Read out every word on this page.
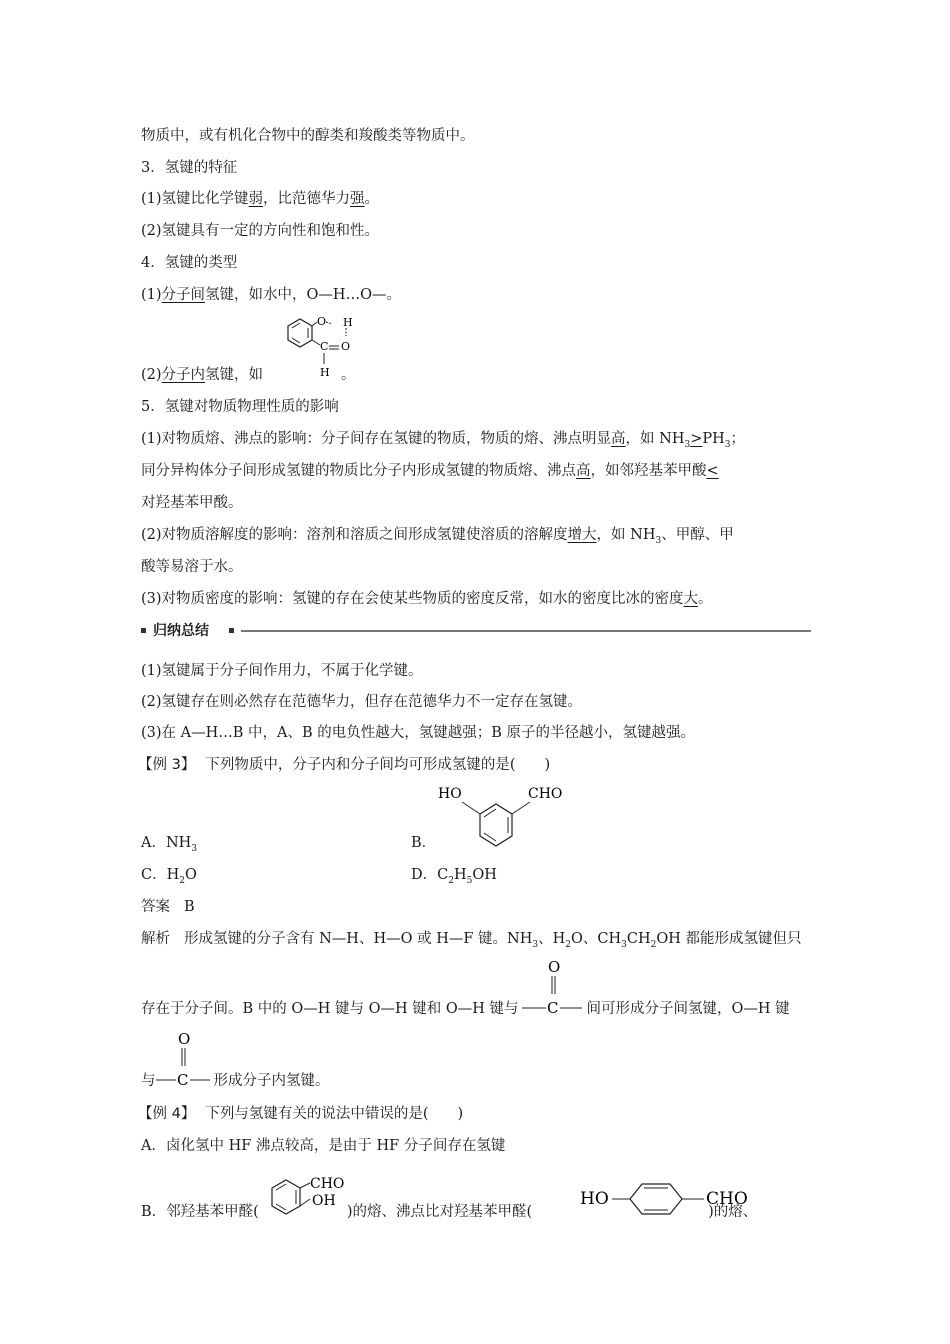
物质中，或有机化合物中的醇类和羧酸类等物质中。
3．氢键的特征
(1)氢键比化学键弱，比范德华力强。
(2)氢键具有一定的方向性和饱和性。
4．氢键的类型
(1)分子间氢键，如水中，O—H…O—。
O H
C O
H
(2)分子内氢键，如	。
5．氢键对物质物理性质的影响
(1)对物质熔、沸点的影响：分子间存在氢键的物质，物质的熔、沸点明显高，如 $NH_3>PH_3$；
同分异构体分子间形成氢键的物质比分子内形成氢键的物质熔、沸点高，如邻羟基苯甲酸<
对羟基苯甲酸。
(2)对物质溶解度的影响：溶剂和溶质之间形成氢键使溶质的溶解度增大，如 $NH_3$、甲醇、甲
酸等易溶于水。
(3)对物质密度的影响：氢键的存在会使某些物质的密度反常，如水的密度比冰的密度大。
归纳总结
(1)氢键属于分子间作用力，不属于化学键。
(2)氢键存在则必然存在范德华力，但存在范德华力不一定存在氢键。
(3)在 A—H…B 中，A、B 的电负性越大，氢键越强；B 原子的半径越小，氢键越强。
【例 3】 下列物质中，分子内和分子间均可形成氢键的是(　　)
HO	CHO
A．$NH_3$	B．
C．$H_2O$	D．$C_2H_5OH$
答案 B
解析 形成氢键的分子含有 N—H、H—O 或 H—F 键。$NH_3$、$H_2O$、$CH_3CH_2OH$ 都能形成氢键但只
O
C
存在于分子间。B 中的 O—H 键与 O—H 键和 O—H 键与	间可形成分子间氢键，O—H 键
O
C
与	形成分子内氢键。
【例 4】 下列与氢键有关的说法中错误的是(　　)
A．卤化氢中 HF 沸点较高，是由于 HF 分子间存在氢键
CHO
OH	HO	CHO
B．邻羟基苯甲醛(	)的熔、沸点比对羟基苯甲醛(	)的熔、
